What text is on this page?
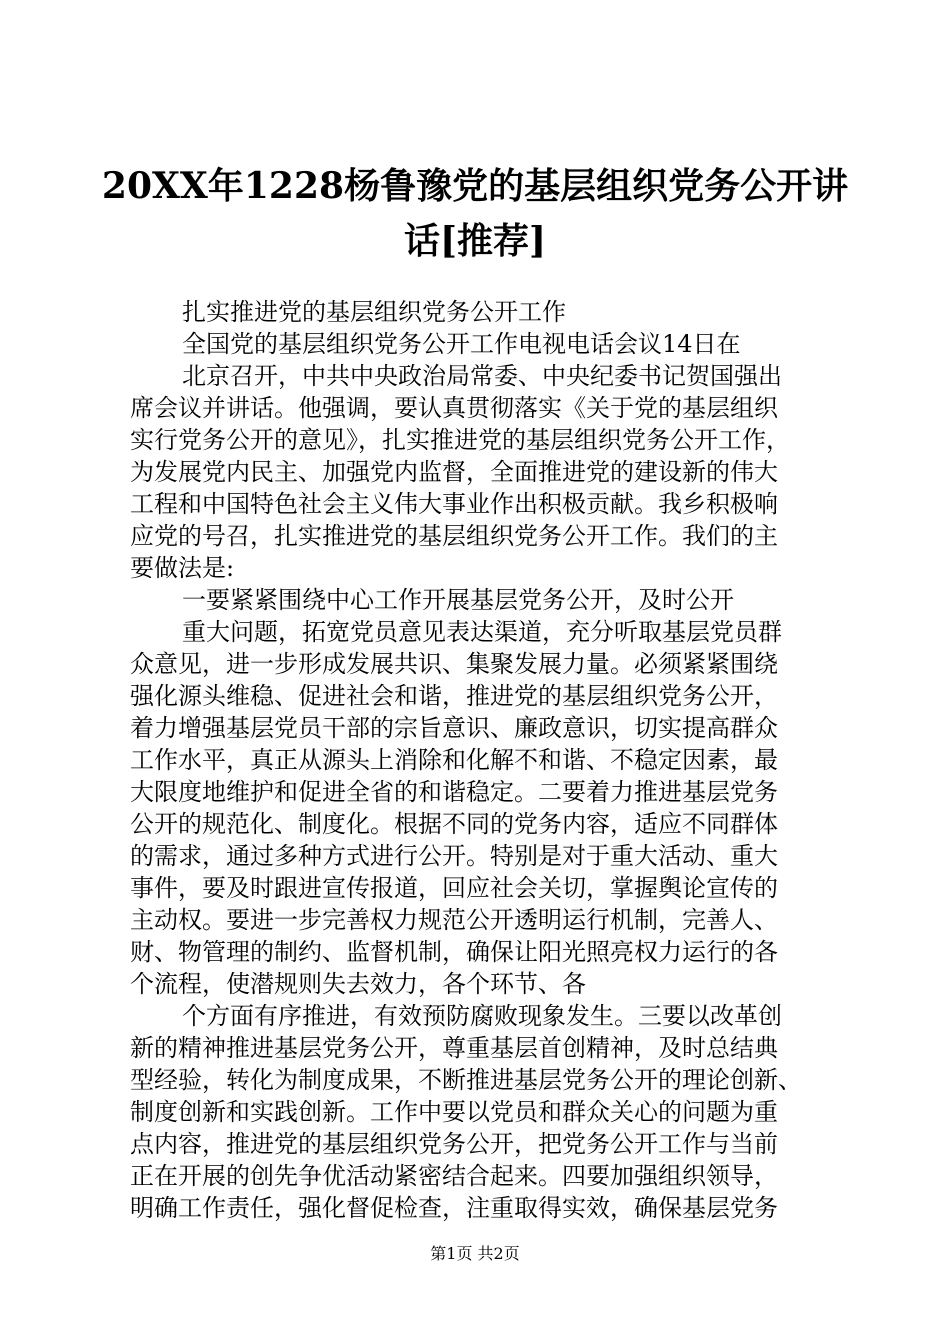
20XX年1228杨鲁豫党的基层组织党务公开讲
话[推荐]
扎实推进党的基层组织党务公开工作
全国党的基层组织党务公开工作电视电话会议14日在
北京召开，中共中央政治局常委、中央纪委书记贺国强出
席会议并讲话。他强调，要认真贯彻落实《关于党的基层组织
实行党务公开的意见》，扎实推进党的基层组织党务公开工作，
为发展党内民主、加强党内监督，全面推进党的建设新的伟大
工程和中国特色社会主义伟大事业作出积极贡献。我乡积极响
应党的号召，扎实推进党的基层组织党务公开工作。我们的主
要做法是:
一要紧紧围绕中心工作开展基层党务公开，及时公开
重大问题，拓宽党员意见表达渠道，充分听取基层党员群
众意见，进一步形成发展共识、集聚发展力量。必须紧紧围绕
强化源头维稳、促进社会和谐，推进党的基层组织党务公开，
着力增强基层党员干部的宗旨意识、廉政意识，切实提高群众
工作水平，真正从源头上消除和化解不和谐、不稳定因素，最
大限度地维护和促进全省的和谐稳定。二要着力推进基层党务
公开的规范化、制度化。根据不同的党务内容，适应不同群体
的需求，通过多种方式进行公开。特别是对于重大活动、重大
事件，要及时跟进宣传报道，回应社会关切，掌握舆论宣传的
主动权。要进一步完善权力规范公开透明运行机制，完善人、
财、物管理的制约、监督机制，确保让阳光照亮权力运行的各
个流程，使潜规则失去效力，各个环节、各
个方面有序推进，有效预防腐败现象发生。三要以改革创
新的精神推进基层党务公开，尊重基层首创精神，及时总结典
型经验，转化为制度成果，不断推进基层党务公开的理论创新、
制度创新和实践创新。工作中要以党员和群众关心的问题为重
点内容，推进党的基层组织党务公开，把党务公开工作与当前
正在开展的创先争优活动紧密结合起来。四要加强组织领导，
明确工作责任，强化督促检查，注重取得实效，确保基层党务
第1页 共2页
